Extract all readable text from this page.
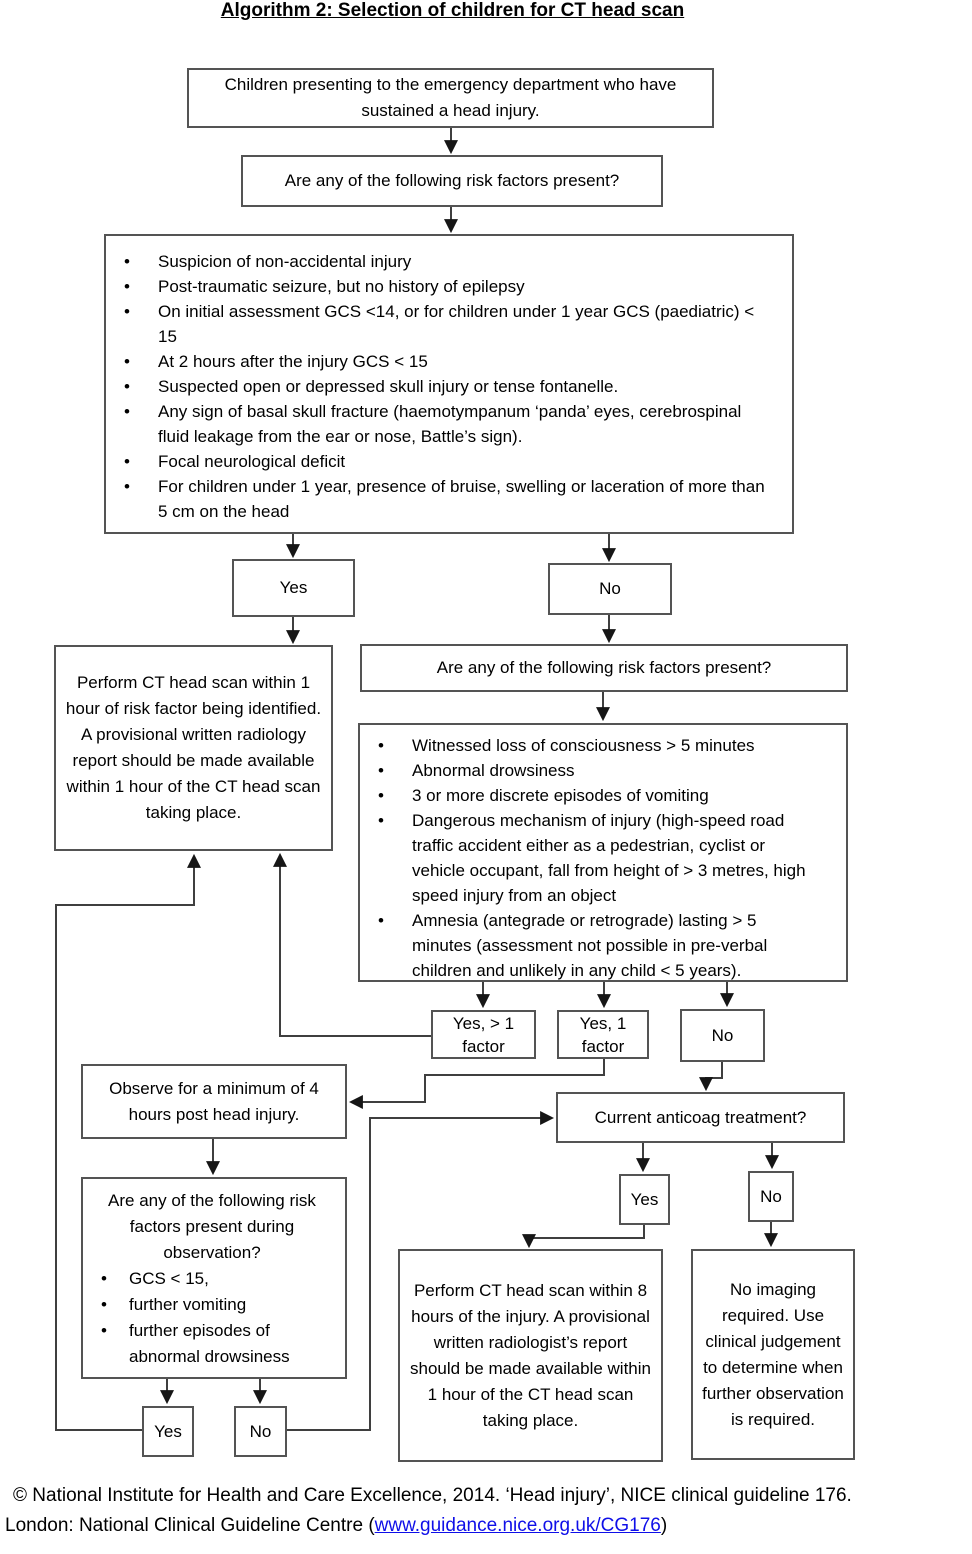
Algorithm 2: Selection of children for CT head scan
Children presenting to the emergency department who have sustained a head injury.
Are any of the following risk factors present?
• Suspicion of non-accidental injury
• Post-traumatic seizure, but no history of epilepsy
• On initial assessment GCS <14, or for children under 1 year GCS (paediatric) < 15
• At 2 hours after the injury GCS < 15
• Suspected open or depressed skull injury or tense fontanelle.
• Any sign of basal skull fracture (haemotympanum ‘panda’ eyes, cerebrospinal fluid leakage from the ear or nose, Battle’s sign).
• Focal neurological deficit
• For children under 1 year, presence of bruise, swelling or laceration of more than 5 cm on the head
Yes	No
Perform CT head scan within 1 hour of risk factor being identified. A provisional written radiology report should be made available within 1 hour of the CT head scan taking place.
Are any of the following risk factors present?
• Witnessed loss of consciousness > 5 minutes
• Abnormal drowsiness
• 3 or more discrete episodes of vomiting
• Dangerous mechanism of injury (high-speed road traffic accident either as a pedestrian, cyclist or vehicle occupant, fall from height of > 3 metres, high speed injury from an object
• Amnesia (antegrade or retrograde) lasting > 5 minutes (assessment not possible in pre-verbal children and unlikely in any child < 5 years).
Yes, > 1 factor
Yes, 1 factor
No
Observe for a minimum of 4 hours post head injury.
Are any of the following risk factors present during observation?
• GCS < 15,
• further vomiting
• further episodes of abnormal drowsiness
Yes	No
Current anticoag treatment?
Yes	No
Perform CT head scan within 8 hours of the injury. A provisional written radiologist’s report should be made available within 1 hour of the CT head scan taking place.
No imaging required. Use clinical judgement to determine when further observation is required.
© National Institute for Health and Care Excellence, 2014. ‘Head injury’, NICE clinical guideline 176.
London: National Clinical Guideline Centre (www.guidance.nice.org.uk/CG176)
